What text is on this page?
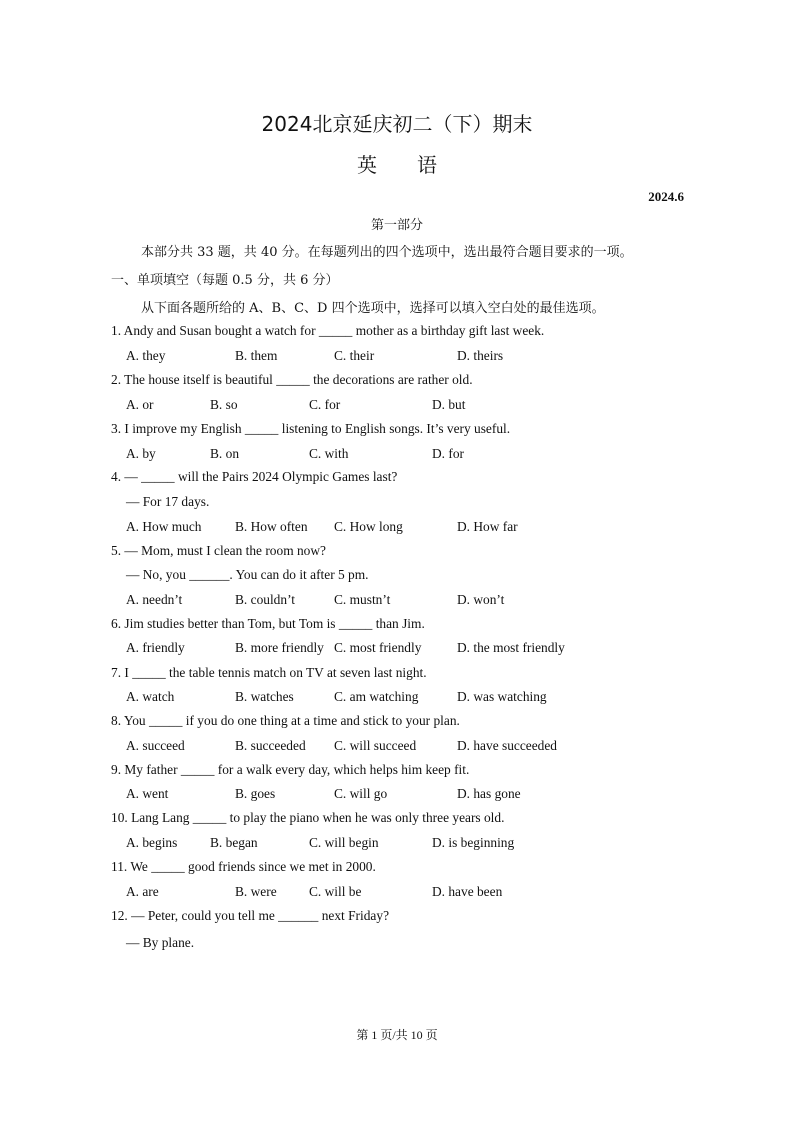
2024北京延庆初二（下）期末
英语
2024.6
第一部分
本部分共 33 题，共 40 分。在每题列出的四个选项中，选出最符合题目要求的一项。
一、单项填空（每题 0.5 分，共 6 分）
从下面各题所给的 A、B、C、D 四个选项中，选择可以填入空白处的最佳选项。
1. Andy and Susan bought a watch for _____ mother as a birthday gift last week.
A. they	B. them	C. their	D. theirs
2. The house itself is beautiful _____ the decorations are rather old.
A. or	B. so	C. for	D. but
3. I improve my English _____ listening to English songs. It’s very useful.
A. by	B. on	C. with	D. for
4. — _____ will the Pairs 2024 Olympic Games last?
— For 17 days.
A. How much	B. How often C. How long	D. How far
5. — Mom, must I clean the room now?
— No, you ______. You can do it after 5 pm.
A. needn’t	B. couldn’t	C. mustn’t	D. won’t
6. Jim studies better than Tom, but Tom is _____ than Jim.
A. friendly	B. more friendly C. most friendly	D. the most friendly
7. I _____ the table tennis match on TV at seven last night.
A. watch	B. watches	C. am watching	D. was watching
8. You _____ if you do one thing at a time and stick to your plan.
A. succeed	B. succeeded C. will succeed	D. have succeeded
9. My father _____ for a walk every day, which helps him keep fit.
A. went	B. goes	C. will go	D. has gone
10. Lang Lang _____ to play the piano when he was only three years old.
A. begins B. began	C. will begin	D. is beginning
11. We _____ good friends since we met in 2000.
A. are	B. were C. will be	D. have been
12. — Peter, could you tell me ______ next Friday?
— By plane.
第 1 页/共 10 页
